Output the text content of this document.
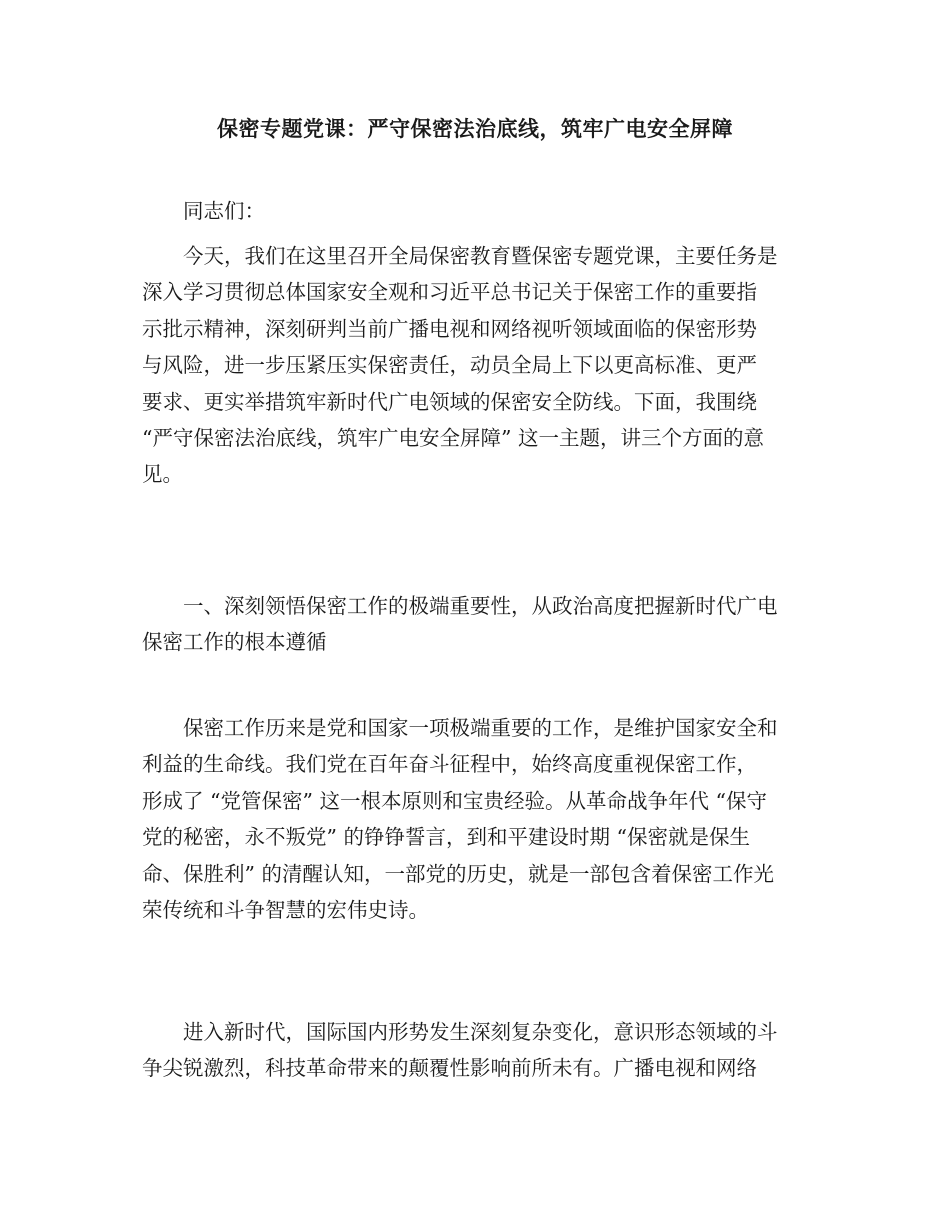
保密专题党课：严守保密法治底线，筑牢广电安全屏障

同志们：

今天，我们在这里召开全局保密教育暨保密专题党课，主要任务是
深入学习贯彻总体国家安全观和习近平总书记关于保密工作的重要指
示批示精神，深刻研判当前广播电视和网络视听领域面临的保密形势
与风险，进一步压紧压实保密责任，动员全局上下以更高标准、更严
要求、更实举措筑牢新时代广电领域的保密安全防线。下面，我围绕
“严守保密法治底线，筑牢广电安全屏障” 这一主题，讲三个方面的意
见。
一、深刻领悟保密工作的极端重要性，从政治高度把握新时代广电
保密工作的根本遵循
保密工作历来是党和国家一项极端重要的工作，是维护国家安全和
利益的生命线。我们党在百年奋斗征程中，始终高度重视保密工作，
形成了 “党管保密” 这一根本原则和宝贵经验。从革命战争年代 “保守
党的秘密，永不叛党” 的铮铮誓言，到和平建设时期 “保密就是保生
命、保胜利” 的清醒认知，一部党的历史，就是一部包含着保密工作光
荣传统和斗争智慧的宏伟史诗。
进入新时代，国际国内形势发生深刻复杂变化，意识形态领域的斗
争尖锐激烈，科技革命带来的颠覆性影响前所未有。广播电视和网络
